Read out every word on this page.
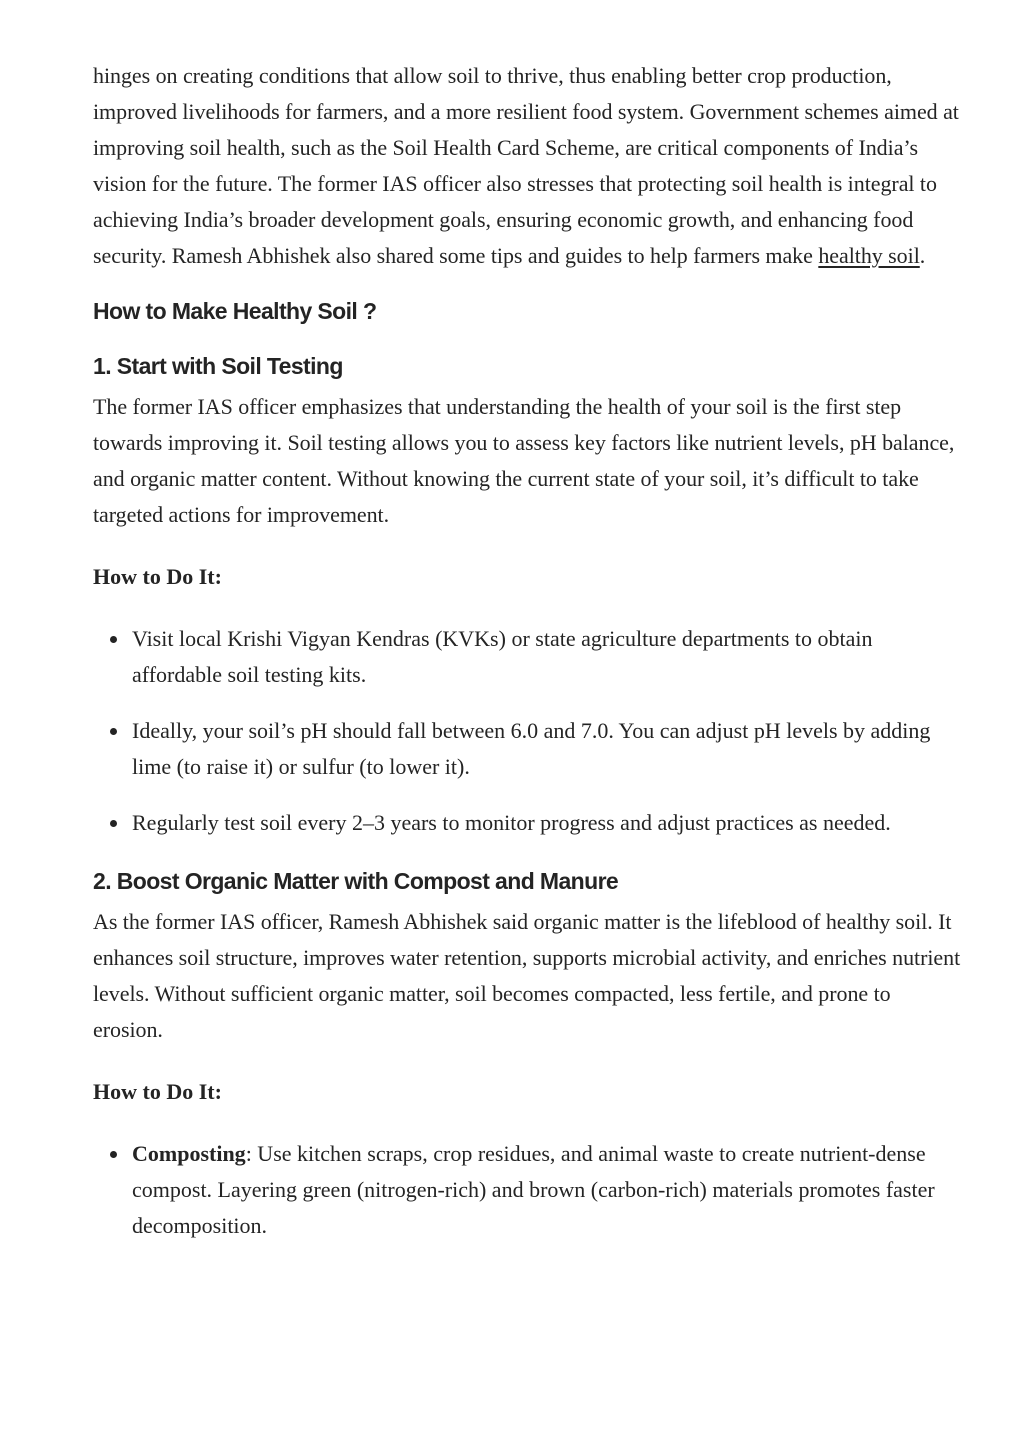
hinges on creating conditions that allow soil to thrive, thus enabling better crop production, improved livelihoods for farmers, and a more resilient food system. Government schemes aimed at improving soil health, such as the Soil Health Card Scheme, are critical components of India’s vision for the future. The former IAS officer also stresses that protecting soil health is integral to achieving India’s broader development goals, ensuring economic growth, and enhancing food security. Ramesh Abhishek also shared some tips and guides to help farmers make healthy soil.

How to Make Healthy Soil ?
1. Start with Soil Testing

The former IAS officer emphasizes that understanding the health of your soil is the first step towards improving it. Soil testing allows you to assess key factors like nutrient levels, pH balance, and organic matter content. Without knowing the current state of your soil, it’s difficult to take targeted actions for improvement.

How to Do It:

Visit local Krishi Vigyan Kendras (KVKs) or state agriculture departments to obtain affordable soil testing kits.
Ideally, your soil’s pH should fall between 6.0 and 7.0. You can adjust pH levels by adding lime (to raise it) or sulfur (to lower it).
Regularly test soil every 2–3 years to monitor progress and adjust practices as needed.
2. Boost Organic Matter with Compost and Manure

As the former IAS officer, Ramesh Abhishek said organic matter is the lifeblood of healthy soil. It enhances soil structure, improves water retention, supports microbial activity, and enriches nutrient levels. Without sufficient organic matter, soil becomes compacted, less fertile, and prone to erosion.

How to Do It:

Composting: Use kitchen scraps, crop residues, and animal waste to create nutrient-dense compost. Layering green (nitrogen-rich) and brown (carbon-rich) materials promotes faster decomposition.
